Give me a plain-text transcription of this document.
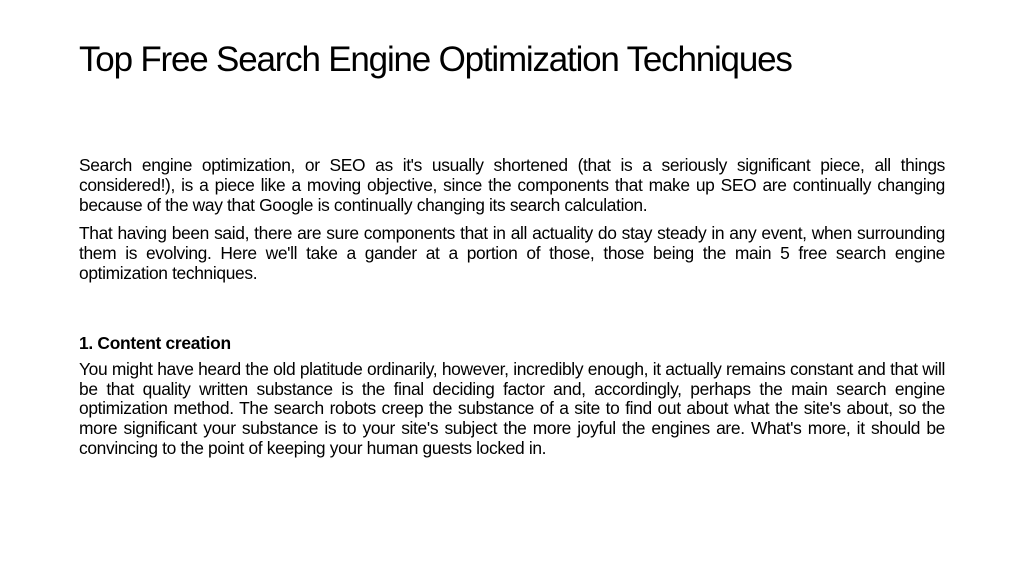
Top Free Search Engine Optimization Techniques

Search engine optimization, or SEO as it's usually shortened (that is a seriously significant piece, all things considered!), is a piece like a moving objective, since the components that make up SEO are continually changing because of the way that Google is continually changing its search calculation.

That having been said, there are sure components that in all actuality do stay steady in any event, when surrounding them is evolving. Here we'll take a gander at a portion of those, those being the main 5 free search engine optimization techniques.

1. Content creation

You might have heard the old platitude ordinarily, however, incredibly enough, it actually remains constant and that will be that quality written substance is the final deciding factor and, accordingly, perhaps the main search engine optimization method. The search robots creep the substance of a site to find out about what the site's about, so the more significant your substance is to your site's subject the more joyful the engines are. What's more, it should be convincing to the point of keeping your human guests locked in.
